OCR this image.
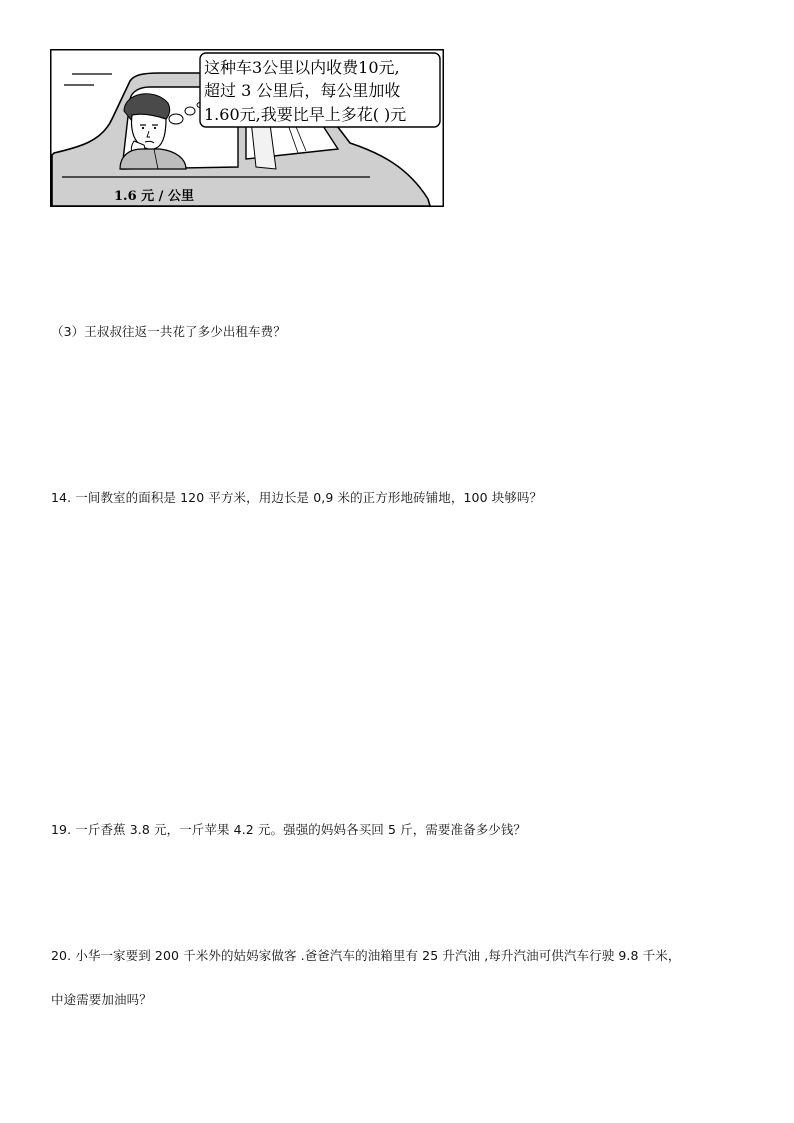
这种车3公里以内收费10元,
超过 3 公里后，每公里加收
1.60元,我要比早上多花( )元
1.6 元 / 公里
（3）王叔叔往返一共花了多少出租车费？
14. 一间教室的面积是 120 平方米，用边长是 0,9 米的正方形地砖铺地，100 块够吗？
19. 一斤香蕉 3.8 元，一斤苹果 4.2 元。强强的妈妈各买回 5 斤，需要准备多少钱？
20. 小华一家要到 200 千米外的姑妈家做客 .爸爸汽车的油箱里有 25 升汽油 ,每升汽油可供汽车行驶 9.8 千米，
中途需要加油吗？
